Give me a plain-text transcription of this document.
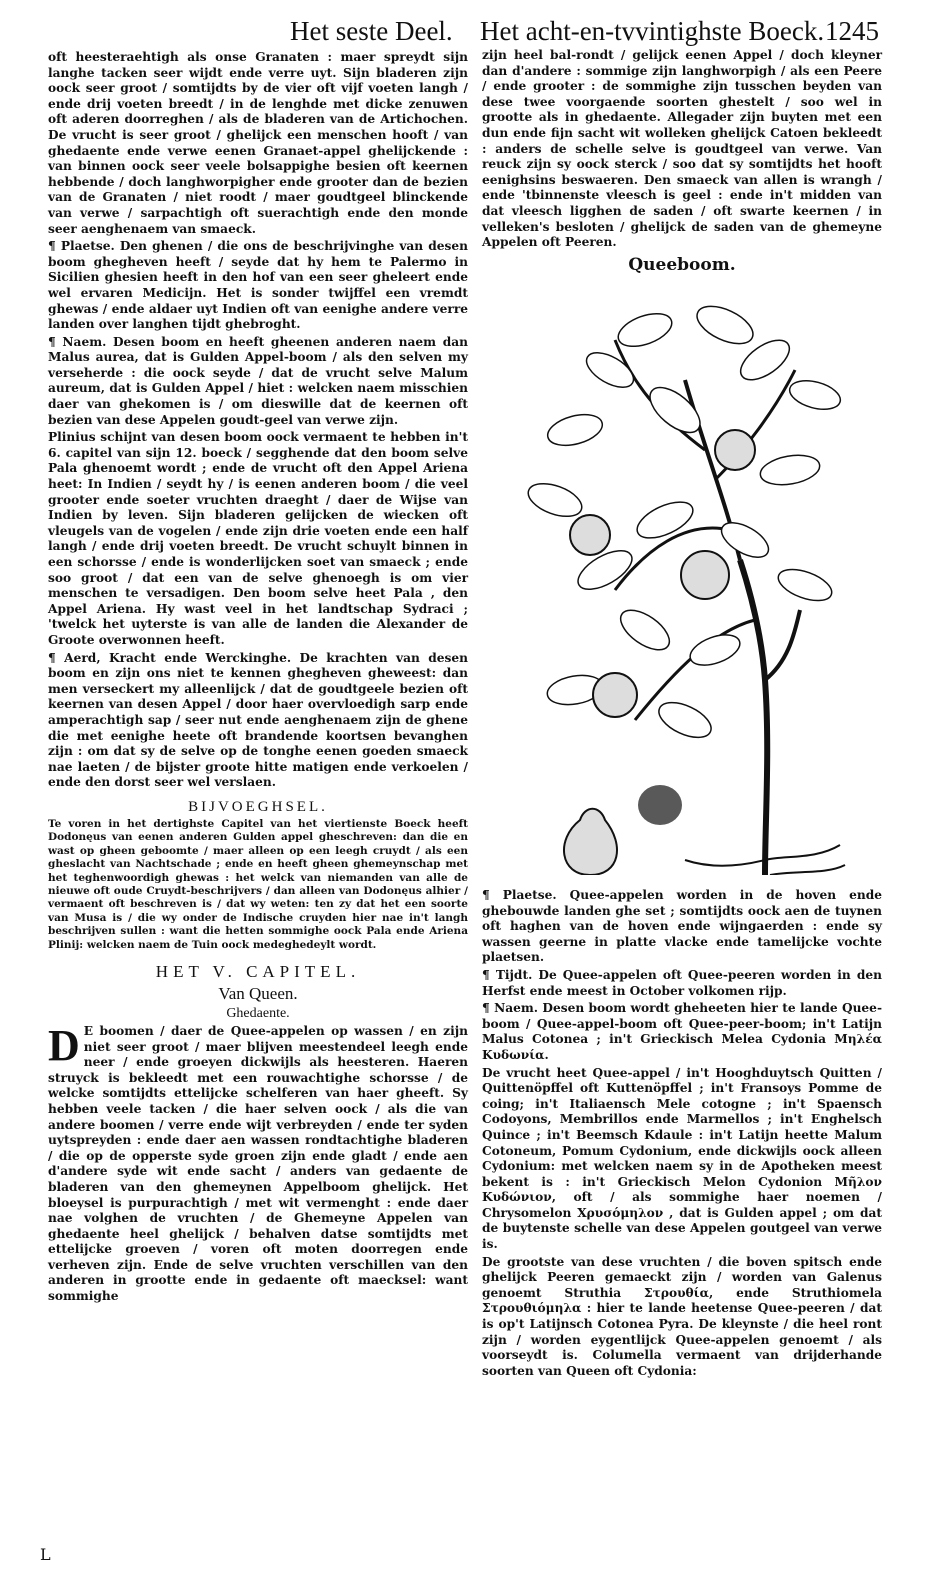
Het seste Deel. Het acht-en-tvvintighste Boeck. 1245

oft heesteraehtigh als onse Granaten : maer spreydt sijn langhe tacken seer wijdt ende verre uyt. Sijn bladeren zijn oock seer groot / somtijdts by de vier oft vijf voeten langh / ende drij voeten breedt / in de lenghde met dicke zenuwen oft aderen doorreghen / als de bladeren van de Artichochen. De vrucht is seer groot / ghelijck een menschen hooft / van ghedaente ende verwe eenen Granaet-appel ghelijckende : van binnen oock seer veele bolsappighe besien oft keernen hebbende / doch langhworpigher ende grooter dan de bezien van de Granaten / niet roodt / maer goudtgeel blinckende van verwe / sarpachtigh oft suerachtigh ende den monde seer aenghenaem van smaeck.

¶ Plaetse. Den ghenen / die ons de beschrijvinghe van desen boom ghegheven heeft / seyde dat hy hem te Palermo in Sicilien ghesien heeft in den hof van een seer gheleert ende wel ervaren Medicijn. Het is sonder twijffel een vremdt ghewas / ende aldaer uyt Indien oft van eenighe andere verre landen over langhen tijdt ghebroght.

¶ Naem. Desen boom en heeft gheenen anderen naem dan Malus aurea, dat is Gulden Appel-boom / als den selven my verseherde : die oock seyde / dat de vrucht selve Malum aureum, dat is Gulden Appel / hiet : welcken naem misschien daer van ghekomen is / om dieswille dat de keernen oft bezien van dese Appelen goudt-geel van verwe zijn.

Plinius schijnt van desen boom oock vermaent te hebben in't 6. capitel van sijn 12. boeck / segghende dat den boom selve Pala ghenoemt wordt ; ende de vrucht oft den Appel Ariena heet: In Indien / seydt hy / is eenen anderen boom / die veel grooter ende soeter vruchten draeght / daer de Wijse van Indien by leven. Sijn bladeren gelijcken de wiecken oft vleugels van de vogelen / ende zijn drie voeten ende een half langh / ende drij voeten breedt. De vrucht schuylt binnen in een schorsse / ende is wonderlijcken soet van smaeck ; ende soo groot / dat een van de selve ghenoegh is om vier menschen te versadigen. Den boom selve heet Pala , den Appel Ariena. Hy wast veel in het landtschap Sydraci ; 'twelck het uyterste is van alle de landen die Alexander de Groote overwonnen heeft.

¶ Aerd, Kracht ende Werckinghe. De krachten van desen boom en zijn ons niet te kennen ghegheven gheweest: dan men verseckert my alleenlijck / dat de goudtgeele bezien oft keernen van desen Appel / door haer overvloedigh sarp ende amperachtigh sap / seer nut ende aenghenaem zijn de ghene die met eenighe heete oft brandende koortsen bevanghen zijn : om dat sy de selve op de tonghe eenen goeden smaeck nae laeten / de bijster groote hitte matigen ende verkoelen / ende den dorst seer wel verslaen.

BIJVOEGHSEL.

Te voren in het dertighste Capitel van het viertienste Boeck heeft Dodonęus van eenen anderen Gulden appel gheschreven: dan die en wast op gheen geboomte / maer alleen op een leegh cruydt / als een gheslacht van Nachtschade ; ende en heeft gheen ghemeynschap met het teghenwoordigh ghewas : het welck van niemanden van alle de nieuwe oft oude Cruydt-beschrijvers / dan alleen van Dodonęus alhier / vermaent oft beschreven is / dat wy weten: ten zy dat het een soorte van Musa is / die wy onder de Indische cruyden hier nae in't langh beschrijven sullen : want die hetten sommighe oock Pala ende Ariena Plinij: welcken naem de Tuin oock medeghedeylt wordt.

HET V. CAPITEL.
Van Queen.
Ghedaente.

D E boomen / daer de Quee-appelen op wassen / en zijn niet seer groot / maer blijven meestendeel leegh ende neer / ende groeyen dickwijls als heesteren. Haeren struyck is bekleedt met een rouwachtighe schorsse / de welcke somtijdts ettelijcke schelferen van haer gheeft. Sy hebben veele tacken / die haer selven oock / als die van andere boomen / verre ende wijt verbreyden / ende ter syden uytspreyden : ende daer aen wassen rondtachtighe bladeren / die op de opperste syde groen zijn ende gladt / ende aen d'andere syde wit ende sacht / anders van gedaente de bladeren van den ghemeynen Appelboom ghelijck. Het bloeysel is purpurachtigh / met wit vermenght : ende daer nae volghen de vruchten / de Ghemeyne Appelen van ghedaente heel ghelijck / behalven datse somtijdts met ettelijcke groeven / voren oft moten doorregen ende verheven zijn. Ende de selve vruchten verschillen van den anderen in grootte ende in gedaente oft maecksel: want sommighe

zijn heel bal-rondt / gelijck eenen Appel / doch kleyner dan d'andere : sommige zijn langhworpigh / als een Peere / ende grooter : de sommighe zijn tusschen beyden van dese twee voorgaende soorten ghestelt / soo wel in grootte als in ghedaente. Allegader zijn buyten met een dun ende fijn sacht wit wolleken ghelijck Catoen bekleedt : anders de schelle selve is goudtgeel van verwe. Van reuck zijn sy oock sterck / soo dat sy somtijdts het hooft eenighsins beswaeren. Den smaeck van allen is wrangh / ende 'tbinnenste vleesch is geel : ende in't midden van dat vleesch ligghen de saden / oft swarte keernen / in velleken's besloten / ghelijck de saden van de ghemeyne Appelen oft Peeren.

Queeboom.

¶ Plaetse. Quee-appelen worden in de hoven ende ghebouwde landen ghe set ; somtijdts oock aen de tuynen oft haghen van de hoven ende wijngaerden : ende sy wassen geerne in platte vlacke ende tamelijcke vochte plaetsen.

¶ Tijdt. De Quee-appelen oft Quee-peeren worden in den Herfst ende meest in October volkomen rijp.

¶ Naem. Desen boom wordt gheheeten hier te lande Quee-boom / Quee-appel-boom oft Quee-peer-boom; in't Latijn Malus Cotonea ; in't Grieckisch Melea Cydonia Μηλέα Κυδωνία.

De vrucht heet Quee-appel / in't Hooghduytsch Quitten / Quittenöpffel oft Kuttenöpffel ; in't Fransoys Pomme de coing; in't Italiaensch Mele cotogne ; in't Spaensch Codoyons, Membrillos ende Marmellos ; in't Enghelsch Quince ; in't Beemsch Kdaule : in't Latijn heette Malum Cotoneum, Pomum Cydonium, ende dickwijls oock alleen Cydonium: met welcken naem sy in de Apotheken meest bekent is : in't Grieckisch Melon Cydonion Μῆλον Κυδώνιον, oft / als sommighe haer noemen / Chrysomelon Χρυσόμηλον , dat is Gulden appel ; om dat de buytenste schelle van dese Appelen goutgeel van verwe is.

De grootste van dese vruchten / die boven spitsch ende ghelijck Peeren gemaeckt zijn / worden van Galenus genoemt Struthia Στρουθία, ende Struthiomela Στρουθιόμηλα : hier te lande heetense Quee-peeren / dat is op't Latijnsch Cotonea Pyra. De kleynste / die heel ront zijn / worden eygentlijck Quee-appelen genoemt / als voorseydt is. Columella vermaent van drijderhande soorten van Queen oft Cydonia:

L
